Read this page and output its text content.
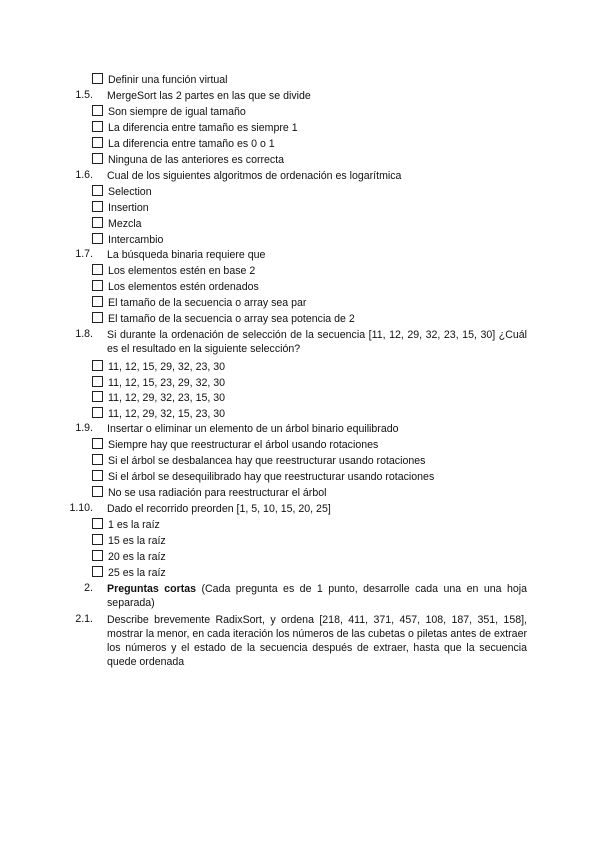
Definir una función virtual
1.5. MergeSort las 2 partes en las que se divide
Son siempre de igual tamaño
La diferencia entre tamaño es siempre 1
La diferencia entre tamaño es 0 o 1
Ninguna de las anteriores es correcta
1.6. Cual de los siguientes algoritmos de ordenación es logarítmica
Selection
Insertion
Mezcla
Intercambio
1.7. La búsqueda binaria requiere que
Los elementos estén en base 2
Los elementos estén ordenados
El tamaño de la secuencia o array sea par
El tamaño de la secuencia o array sea potencia de 2
1.8. Si durante la ordenación de selección de la secuencia [11, 12, 29, 32, 23, 15, 30] ¿Cuál es el resultado en la siguiente selección?
11, 12, 15, 29, 32, 23, 30
11, 12, 15, 23, 29, 32, 30
11, 12, 29, 32, 23, 15, 30
11, 12, 29, 32, 15, 23, 30
1.9. Insertar o eliminar un elemento de un árbol binario equilibrado
Siempre hay que reestructurar el árbol usando rotaciones
Si el árbol se desbalancea hay que reestructurar usando rotaciones
Si el árbol se desequilibrado hay que reestructurar usando rotaciones
No se usa radiación para reestructurar el árbol
1.10. Dado el recorrido preorden [1, 5, 10, 15, 20, 25]
1 es la raíz
15 es la raíz
20 es la raíz
25 es la raíz
2. Preguntas cortas (Cada pregunta es de 1 punto, desarrolle cada una en una hoja separada)
2.1. Describe brevemente RadixSort, y ordena [218, 411, 371, 457, 108, 187, 351, 158], mostrar la menor, en cada iteración los números de las cubetas o piletas antes de extraer los números y el estado de la secuencia después de extraer, hasta que la secuencia quede ordenada
